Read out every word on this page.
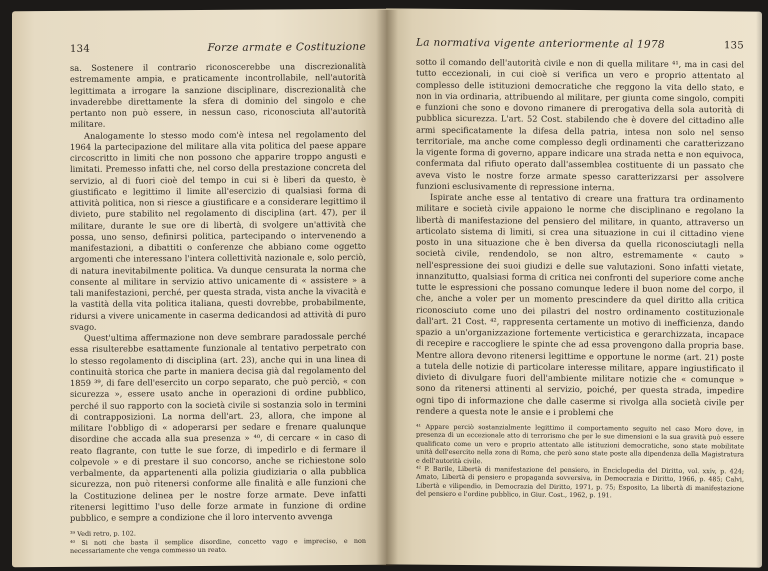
134	Forze armate e Costituzione

sa. Sostenere il contrario riconoscerebbe una discrezionalità estremamente ampia, e praticamente incontrollabile, nell'autorità legittimata a irrogare la sanzione disciplinare, discrezionalità che invaderebbe direttamente la sfera di dominio del singolo e che pertanto non può essere, in nessun caso, riconosciuta all'autorità militare.

Analogamente lo stesso modo com'è intesa nel regolamento del 1964 la partecipazione del militare alla vita politica del paese appare circoscritto in limiti che non possono che apparire troppo angusti e limitati. Premesso infatti che, nel corso della prestazione concreta del servizio, al di fuori cioè del tempo in cui si è liberi da questo, è giustificato e legittimo il limite all'esercizio di qualsiasi forma di attività politica, non si riesce a giustificare e a considerare legittimo il divieto, pure stabilito nel regolamento di disciplina (art. 47), per il militare, durante le sue ore di libertà, di svolgere un'attività che possa, uno senso, definirsi politica, partecipando o intervenendo a manifestazioni, a dibattiti o conferenze che abbiano come oggetto argomenti che interessano l'intera collettività nazionale e, solo perciò, di natura inevitabilmente politica. Va dunque censurata la norma che consente al militare in servizio attivo unicamente di « assistere » a tali manifestazioni, perché, per questa strada, vista anche la vivacità e la vastità della vita politica italiana, questi dovrebbe, probabilmente, ridursi a vivere unicamente in caserma dedicandosi ad attività di puro svago.

Quest'ultima affermazione non deve sembrare paradossale perché essa risulterebbe esattamente funzionale al tentativo perpetrato con lo stesso regolamento di disciplina (art. 23), anche qui in una linea di continuità storica che parte in maniera decisa già dal regolamento del 1859 ³⁹, di fare dell'esercito un corpo separato, che può perciò, « con sicurezza », essere usato anche in operazioni di ordine pubblico, perché il suo rapporto con la società civile si sostanzia solo in termini di contrapposizioni. La norma dell'art. 23, allora, che impone al militare l'obbligo di « adoperarsi per sedare e frenare qualunque disordine che accada alla sua presenza » ⁴⁰, di cercare « in caso di reato flagrante, con tutte le sue forze, di impedirlo e di fermare il colpevole » e di prestare il suo concorso, anche se richiestone solo verbalmente, da appartenenti alla polizia giudiziaria o alla pubblica sicurezza, non può ritenersi conforme alle finalità e alle funzioni che la Costituzione delinea per le nostre forze armate. Deve infatti ritenersi legittimo l'uso delle forze armate in funzione di ordine pubblico, e sempre a condizione che il loro intervento avvenga

³⁹ Vedi retro, p. 102.

⁴⁰ Si noti che basta il semplice disordine, concetto vago e impreciso, e non necessariamente che venga commesso un reato.

La normativa vigente anteriormente al 1978	135

sotto il comando dell'autorità civile e non di quella militare ⁴¹, ma in casi del tutto eccezionali, in cui cioè si verifica un vero e proprio attentato al complesso delle istituzioni democratiche che reggono la vita dello stato, e non in via ordinaria, attribuendo al militare, per giunta come singolo, compiti e funzioni che sono e dovono rimanere di prerogativa della sola autorità di pubblica sicurezza. L'art. 52 Cost. stabilendo che è dovere del cittadino alle armi specificatamente la difesa della patria, intesa non solo nel senso territoriale, ma anche come complesso degli ordinamenti che caratterizzano la vigente forma di governo, appare indicare una strada netta e non equivoca, confermata dal rifiuto operato dall'assemblea costituente di un passato che aveva visto le nostre forze armate spesso caratterizzarsi per assolvere funzioni esclusivamente di repressione interna.

Ispirate anche esse al tentativo di creare una frattura tra ordinamento militare e società civile appaiono le norme che disciplinano e regolano la libertà di manifestazione del pensiero del militare, in quanto, attraverso un articolato sistema di limiti, si crea una situazione in cui il cittadino viene posto in una situazione che è ben diversa da quella riconosciutagli nella società civile, rendendolo, se non altro, estremamente « cauto » nell'espressione dei suoi giudizi e delle sue valutazioni. Sono infatti vietate, innanzitutto, qualsiasi forma di critica nei confronti del superiore come anche tutte le espressioni che possano comunque ledere il buon nome del corpo, il che, anche a voler per un momento prescindere da quel diritto alla critica riconosciuto come uno dei pilastri del nostro ordinamento costituzionale dall'art. 21 Cost. ⁴², rappresenta certamente un motivo di inefficienza, dando spazio a un'organizzazione fortemente verticistica e gerarchizzata, incapace di recepire e raccogliere le spinte che ad essa provengono dalla propria base. Mentre allora devono ritenersi legittime e opportune le norme (art. 21) poste a tutela delle notizie di particolare interesse militare, appare ingiustificato il divieto di divulgare fuori dell'ambiente militare notizie che « comunque » sono da ritenersi attinenti al servizio, poiché, per questa strada, impedire ogni tipo di informazione che dalle caserme si rivolga alla società civile per rendere a questa note le ansie e i problemi che

⁴¹ Appare perciò sostanzialmente legittimo il comportamento seguito nel caso Moro dove, in presenza di un eccezionale atto di terrorismo che per le sue dimensioni e la sua gravità può essere qualificato come un vero e proprio attentato alle istituzioni democratiche, sono state mobilitate unità dell'esercito nella zona di Roma, che però sono state poste alla dipendenza della Magistratura e dell'autorità civile.

⁴² P. Barile, Libertà di manifestazione del pensiero, in Enciclopedia del Diritto, vol. xxiv, p. 424; Amato, Libertà di pensiero e propaganda sovversiva, in Democrazia e Diritto, 1966, p. 485; Calvi, Libertà e vilipendio, in Democrazia del Diritto, 1971, p. 75; Esposito, La libertà di manifestazione del pensiero e l'ordine pubblico, in Giur. Cost., 1962, p. 191.
